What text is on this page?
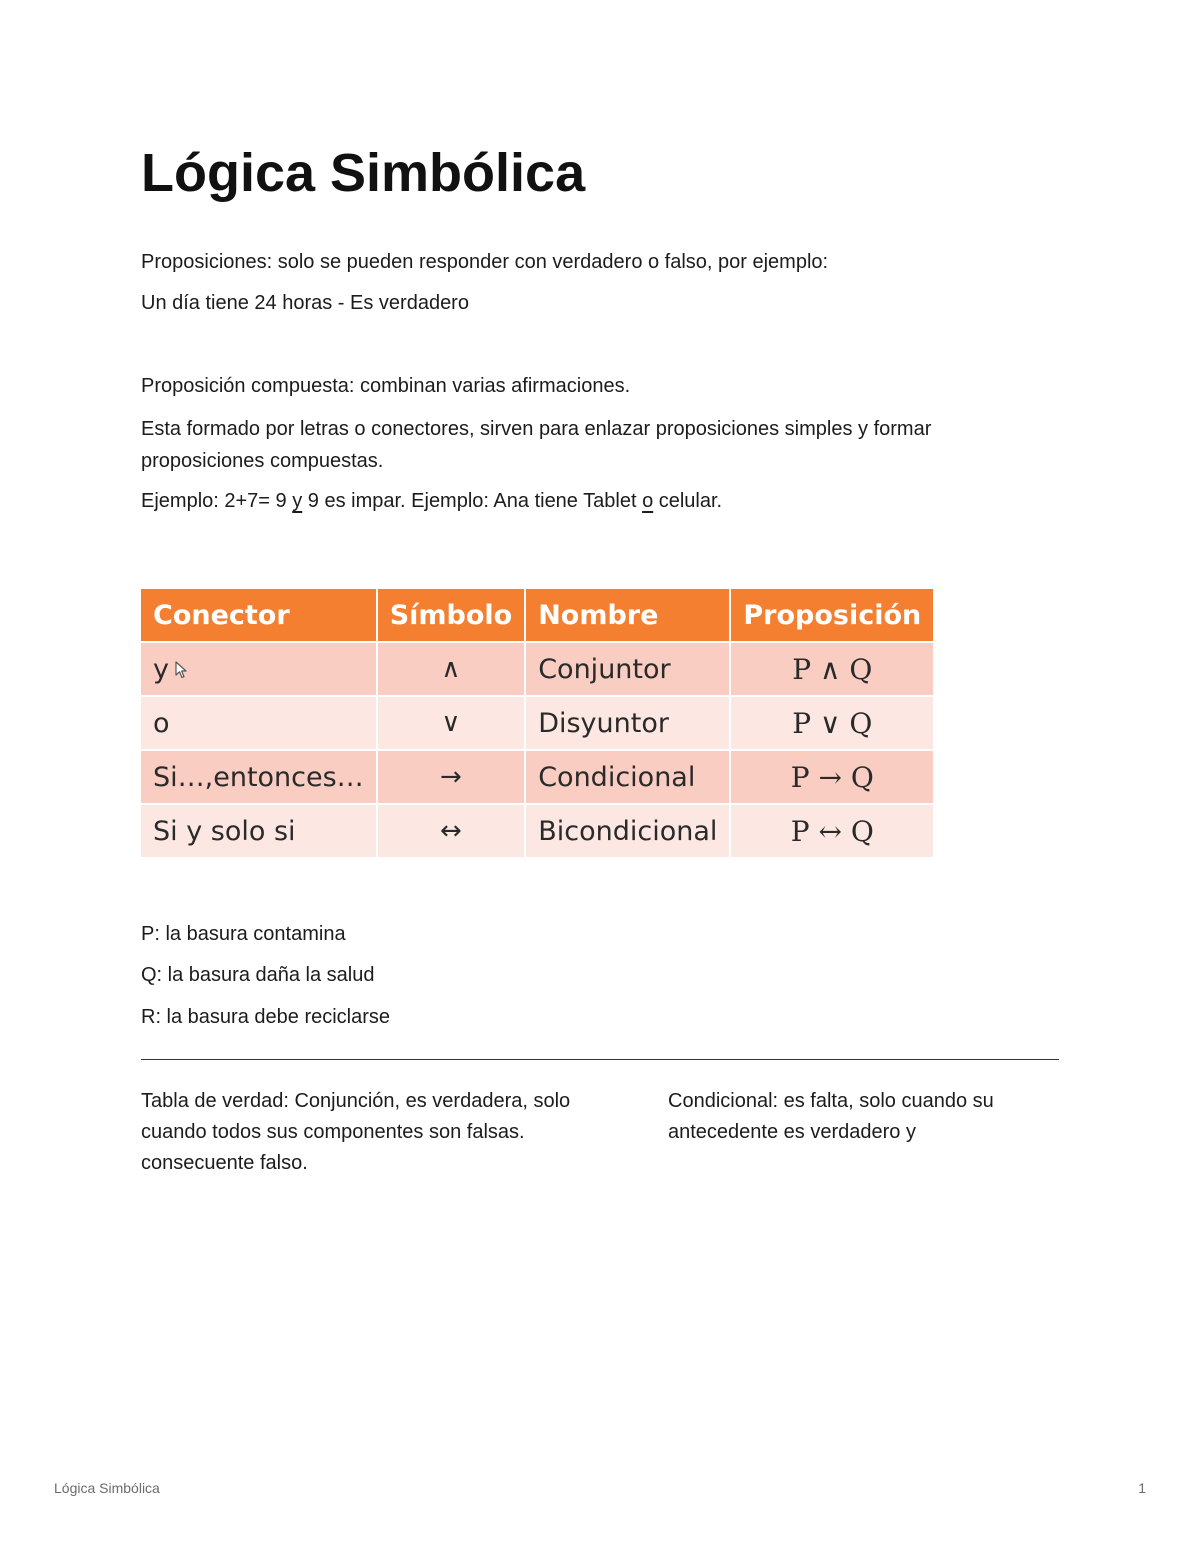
Lógica Simbólica
Proposiciones: solo se pueden responder con verdadero o falso, por ejemplo:
Un día tiene 24 horas - Es verdadero
Proposición compuesta: combinan varias afirmaciones.
Esta formado por letras o conectores, sirven para enlazar proposiciones simples y formar proposiciones compuestas.
Ejemplo: 2+7= 9 y 9 es impar. Ejemplo: Ana tiene Tablet o celular.
Conector	Símbolo	Nombre	Proposición
y	∧	Conjuntor	P ∧ Q
o	∨	Disyuntor	P ∨ Q
Si…,entonces…	→	Condicional	P → Q
Si y solo si	↔	Bicondicional	P ↔ Q
P: la basura contamina
Q: la basura daña la salud
R: la basura debe reciclarse
Tabla de verdad: Conjunción, es verdadera, solo cuando todos sus componentes son falsas. consecuente falso.
Condicional: es falta, solo cuando su antecedente es verdadero y
Lógica Simbólica	1
